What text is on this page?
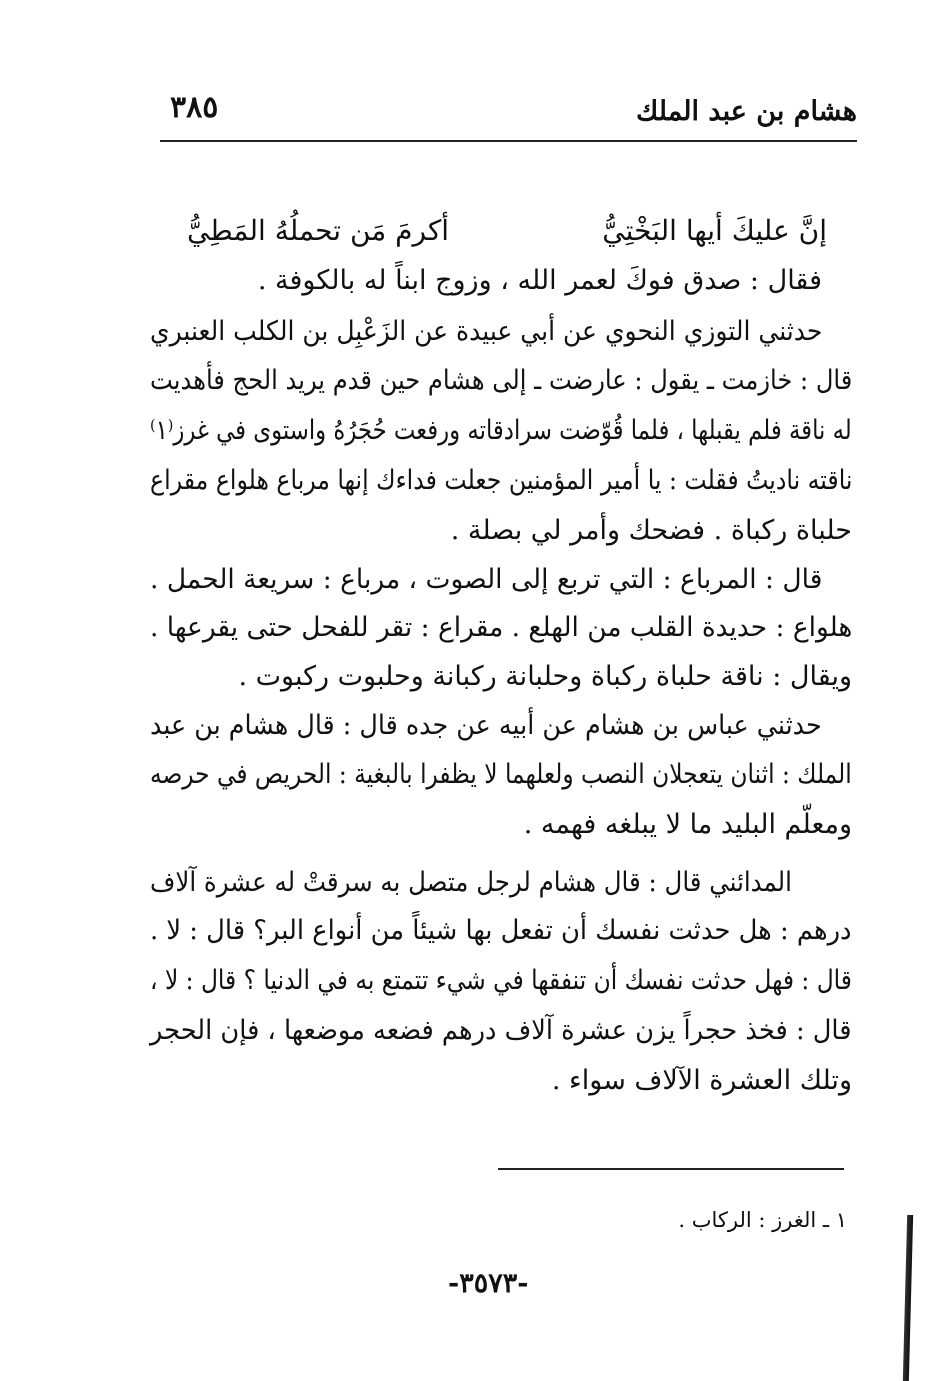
هشام بن عبد الملك
٣٨٥
إنَّ عليكَ أيها البَخْتِيُّ
أكرمَ مَن تحملُهُ المَطِيُّ
فقال : صدق فوكَ لعمر الله ، وزوج ابناً له بالكوفة .
حدثني التوزي النحوي عن أبي عبيدة عن الزَعْبِل بن الكلب العنبري
قال : خازمت ـ يقول : عارضت ـ إلى هشام حين قدم يريد الحج فأهديت
له ناقة فلم يقبلها ، فلما قُوّضت سرادقاته ورفعت حُجَرُهُ واستوى في غرز⁽١⁾
ناقته ناديتُ فقلت : يا أمير المؤمنين جعلت فداءك إنها مرباع هلواع مقراع
حلباة ركباة . فضحك وأمر لي بصلة .
قال : المرباع : التي تربع إلى الصوت ، مرباع : سريعة الحمل .
هلواع : حديدة القلب من الهلع . مقراع : تقر للفحل حتى يقرعها .
ويقال : ناقة حلباة ركباة وحلبانة ركبانة وحلبوت ركبوت .
حدثني عباس بن هشام عن أبيه عن جده قال : قال هشام بن عبد
الملك : اثنان يتعجلان النصب ولعلهما لا يظفرا بالبغية : الحريص في حرصه
ومعلّم البليد ما لا يبلغه فهمه .
المدائني قال : قال هشام لرجل متصل به سرقتْ له عشرة آلاف
درهم : هل حدثت نفسك أن تفعل بها شيئاً من أنواع البر؟ قال : لا .
قال : فهل حدثت نفسك أن تنفقها في شيء تتمتع به في الدنيا ؟ قال : لا ،
قال : فخذ حجراً يزن عشرة آلاف درهم فضعه موضعها ، فإن الحجر
وتلك العشرة الآلاف سواء .
١ ـ الغرز : الركاب .
-٣٥٧٣-
